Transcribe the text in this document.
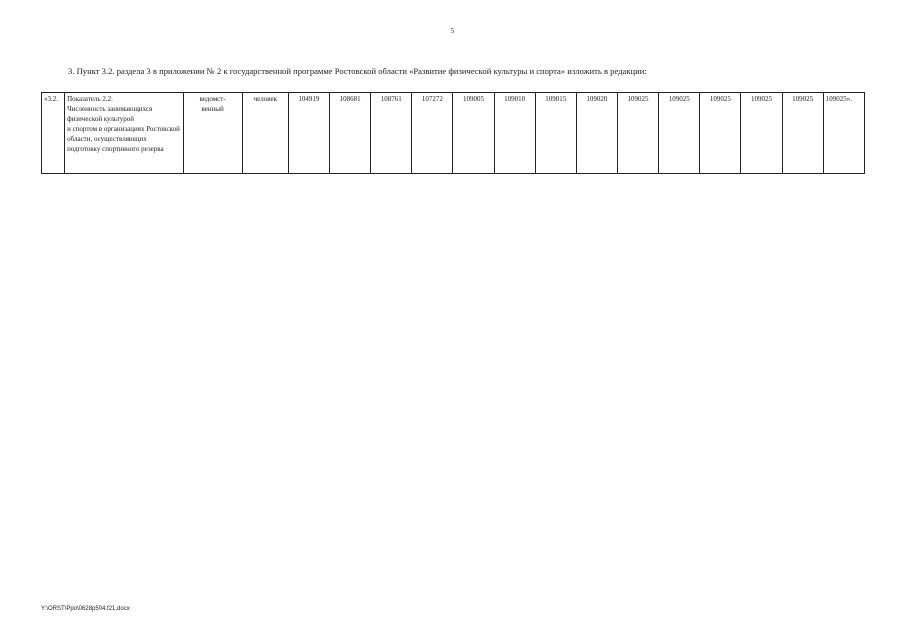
5
3. Пункт 3.2. раздела 3 в приложении № 2 к государственной программе Ростовской области «Развитие физической культуры и спорта» изложить в редакции:
«3.2.	Показатель 2.2.
Численность занимающихся физической культурой
и спортом в организациях Ростовской области, осуществляющих подготовку спортивного резерва	ведомст-
венный	человек	104919	108681	108761	107272	109005	109010	109015	109020	109025	109025	109025	109025	109025	109025».
Y:\ORST\Ppo\0628p504.f21.docx
